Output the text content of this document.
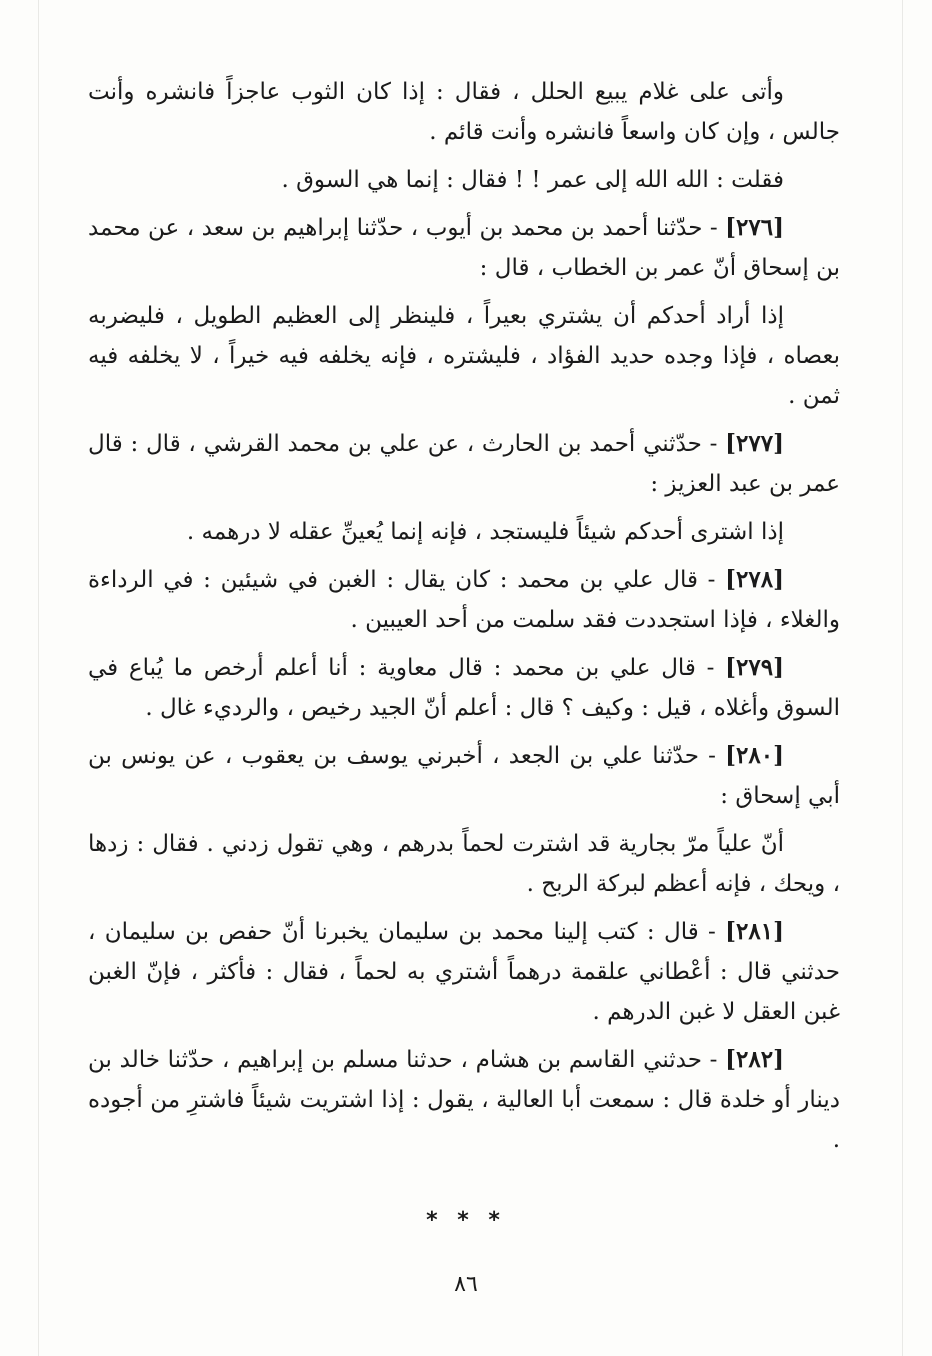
وأتى على غلام يبيع الحلل ، فقال : إذا كان الثوب عاجزاً فانشره وأنت جالس ، وإن كان واسعاً فانشره وأنت قائم .

فقلت : الله الله إلى عمر ! ! فقال : إنما هي السوق .

[٢٧٦] - حدّثنا أحمد بن محمد بن أيوب ، حدّثنا إبراهيم بن سعد ، عن محمد بن إسحاق أنّ عمر بن الخطاب ، قال :

إذا أراد أحدكم أن يشتري بعيراً ، فلينظر إلى العظيم الطويل ، فليضربه بعصاه ، فإذا وجده حديد الفؤاد ، فليشتره ، فإنه يخلفه فيه خيراً ، لا يخلفه فيه ثمن .

[٢٧٧] - حدّثني أحمد بن الحارث ، عن علي بن محمد القرشي ، قال : قال عمر بن عبد العزيز :

إذا اشترى أحدكم شيئاً فليستجد ، فإنه إنما يُعينِّ عقله لا درهمه .

[٢٧٨] - قال علي بن محمد : كان يقال : الغبن في شيئين : في الرداءة والغلاء ، فإذا استجددت فقد سلمت من أحد العيبين .

[٢٧٩] - قال علي بن محمد : قال معاوية : أنا أعلم أرخص ما يُباع في السوق وأغلاه ، قيل : وكيف ؟ قال : أعلم أنّ الجيد رخيص ، والرديء غال .

[٢٨٠] - حدّثنا علي بن الجعد ، أخبرني يوسف بن يعقوب ، عن يونس بن أبي إسحاق :

أنّ علياً مرّ بجارية قد اشترت لحماً بدرهم ، وهي تقول زدني . فقال : زدها ، ويحك ، فإنه أعظم لبركة الربح .

[٢٨١] - قال : كتب إلينا محمد بن سليمان يخبرنا أنّ حفص بن سليمان ، حدثني قال : أعْطاني علقمة درهماً أشتري به لحماً ، فقال : فأكثر ، فإنّ الغبن غبن العقل لا غبن الدرهم .

[٢٨٢] - حدثني القاسم بن هشام ، حدثنا مسلم بن إبراهيم ، حدّثنا خالد بن دينار أو خلدة قال : سمعت أبا العالية ، يقول : إذا اشتريت شيئاً فاشترِ من أجوده .

* * *
٨٦
